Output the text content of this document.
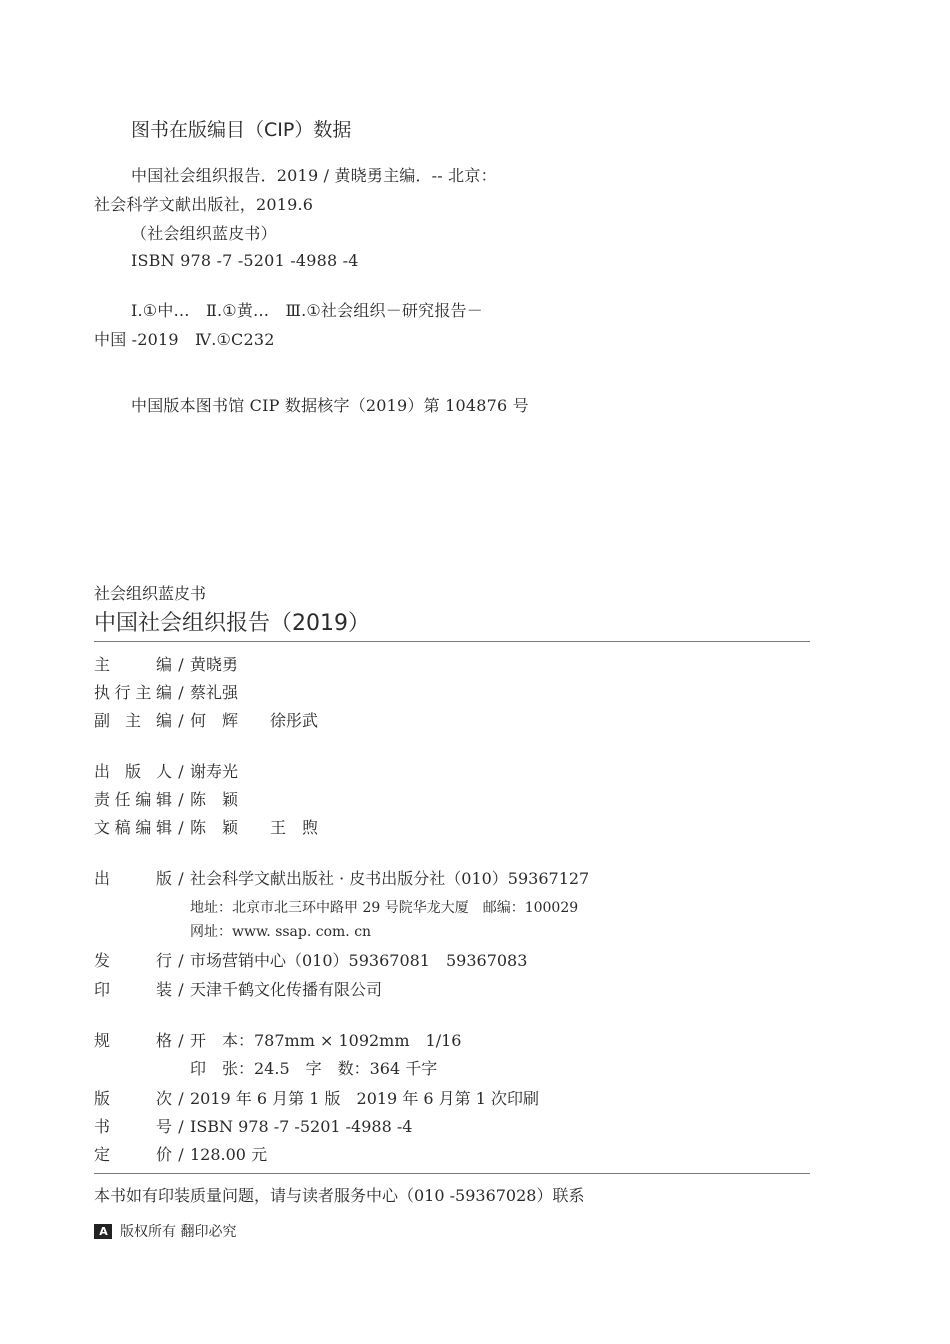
图书在版编目（CIP）数据
中国社会组织报告．2019 ∕ 黄晓勇主编．-- 北京：
社会科学文献出版社，2019.6
（社会组织蓝皮书）
ISBN 978 -7 -5201 -4988 -4
Ⅰ.①中…　Ⅱ.①黄…　Ⅲ.①社会组织－研究报告－
中国 -2019　Ⅳ.①C232
中国版本图书馆 CIP 数据核字（2019）第 104876 号
社会组织蓝皮书
中国社会组织报告（2019）
主　　编 ∕ 黄晓勇
执行主编 ∕ 蔡礼强
副 主 编 ∕ 何　辉　　徐彤武
出 版 人 ∕ 谢寿光
责任编辑 ∕ 陈　颖
文稿编辑 ∕ 陈　颖　　王　煦
出　　版 ∕ 社会科学文献出版社 · 皮书出版分社（010）59367127
地址：北京市北三环中路甲 29 号院华龙大厦　邮编：100029
网址：www. ssap. com. cn
发　　行 ∕ 市场营销中心（010）59367081　59367083
印　　装 ∕ 天津千鹤文化传播有限公司
规　　格 ∕ 开　本：787mm × 1092mm　1/16
印　张：24.5　字　数：364 千字
版　　次 ∕ 2019 年 6 月第 1 版　2019 年 6 月第 1 次印刷
书　　号 ∕ ISBN 978 -7 -5201 -4988 -4
定　　价 ∕ 128.00 元
本书如有印装质量问题，请与读者服务中心（010 -59367028）联系
A 版权所有 翻印必究
